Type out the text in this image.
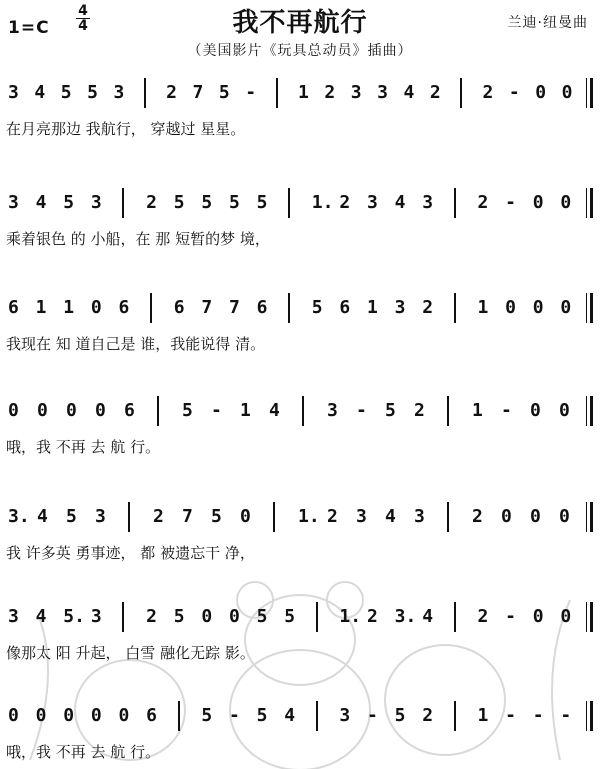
1=C
4
4	我不再航行	兰迪·纽曼曲
（美国影片《玩具总动员》插曲）
3 4 5 5 3 2 7 5 - 1 2 3 3 4 2 2 - 0 0
在月亮那边 我航行， 穿越过 星星。
3 4 5 3 2 5 5 5 5 1. 2 3 4 3 2 - 0 0
乘着银色 的 小船，在 那 短暂的梦 境，
6 1 1 0 6 6 7 7 6 5 6 1 3 2 1 0 0 0
我现在 知 道自己是 谁，我能说得 清。
0 0 0 0 6	5 - 1 4	3 - 5 2	1 - 0 0
哦，我 不再 去 航 行。
3. 4 5 3	2 7 5 0	1. 2 3 4 3	2 0 0 0
我 许多英 勇事迹， 都 被遗忘干 净，
3 4 5. 3 2 5 0 0 5 5 1. 2 3. 4 2 - 0 0
像那太 阳 升起， 白雪 融化无踪 影。
0 0 0 0 0 6 5 - 5 4 3 - 5 2 1 - - -
哦，我 不再 去 航 行。
